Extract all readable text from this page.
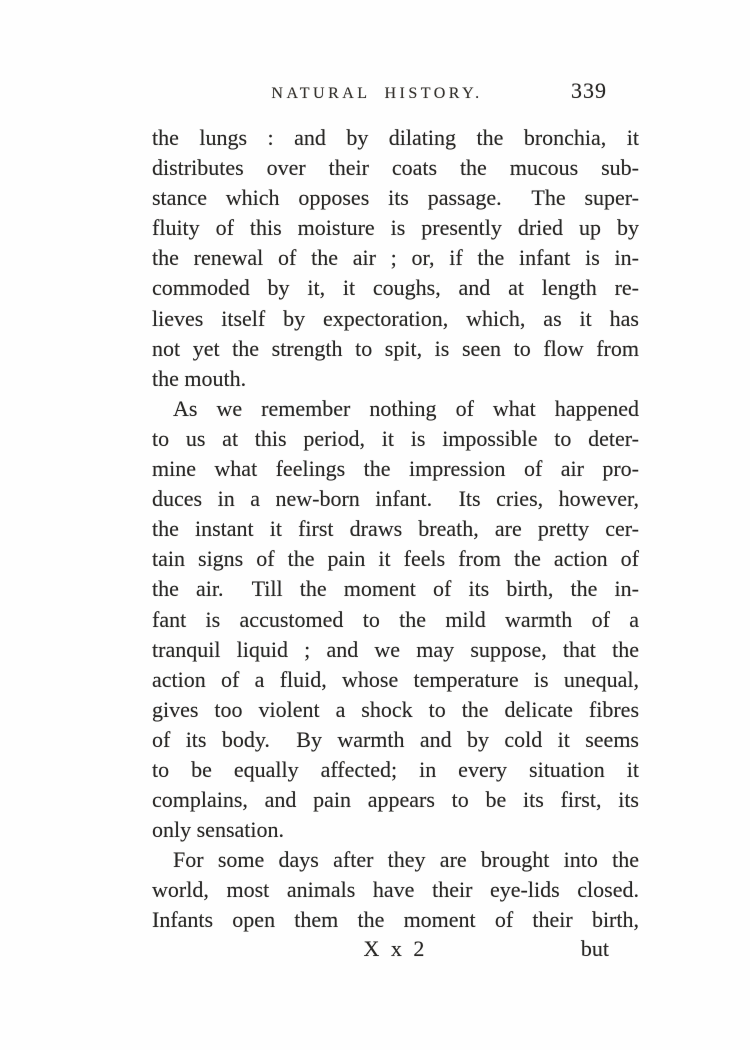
NATURAL HISTORY.	339
the lungs : and by dilating the bronchia, it
distributes over their coats the mucous sub-
stance which opposes its passage.  The super-
fluity of this moisture is presently dried up by
the renewal of the air ; or, if the infant is in-
commoded by it, it coughs, and at length re-
lieves itself by expectoration, which, as it has
not yet the strength to spit, is seen to flow from
the mouth.
As we remember nothing of what happened
to us at this period, it is impossible to deter-
mine what feelings the impression of air pro-
duces in a new-born infant.  Its cries, however,
the instant it first draws breath, are pretty cer-
tain signs of the pain it feels from the action of
the air.  Till the moment of its birth, the in-
fant is accustomed to the mild warmth of a
tranquil liquid ; and we may suppose, that the
action of a fluid, whose temperature is unequal,
gives too violent a shock to the delicate fibres
of its body.  By warmth and by cold it seems
to be equally affected; in every situation it
complains, and pain appears to be its first, its
only sensation.
For some days after they are brought into the
world, most animals have their eye-lids closed.
Infants open them the moment of their birth,
X x 2	but
